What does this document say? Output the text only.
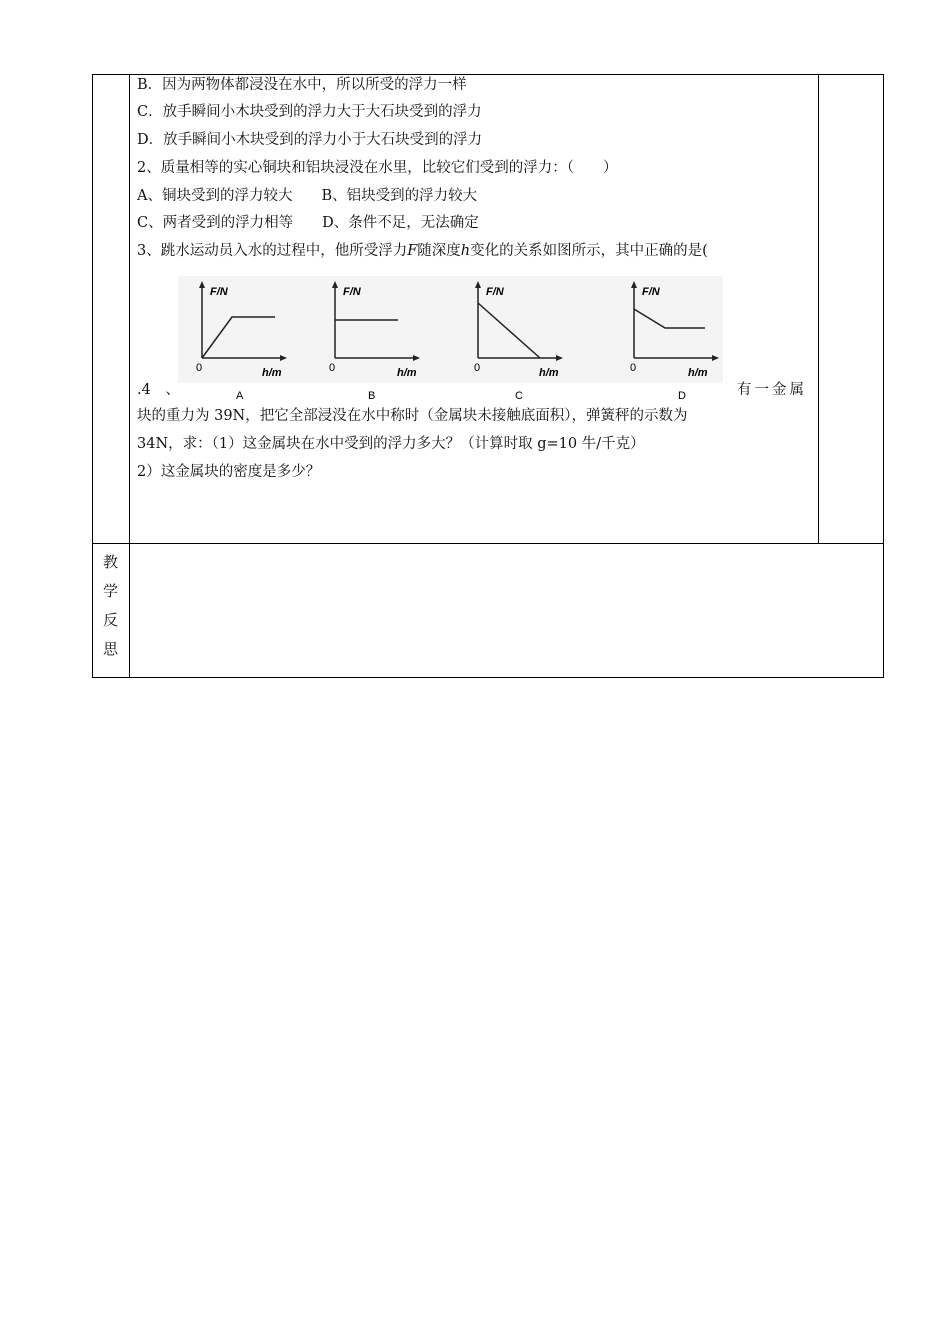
B．因为两物体都浸没在水中，所以所受的浮力一样
C．放手瞬间小木块受到的浮力大于大石块受到的浮力
D．放手瞬间小木块受到的浮力小于大石块受到的浮力
2、质量相等的实心铜块和铝块浸没在水里，比较它们受到的浮力：（　　）
A、铜块受到的浮力较大　　B、铝块受到的浮力较大
C、两者受到的浮力相等　　D、条件不足，无法确定
3、跳水运动员入水的过程中，他所受浮力F随深度h变化的关系如图所示，其中正确的是(
F/N
0	h/m
A
F/N
0	h/m
B
F/N
0	h/m
C
F/N
0	h/m
D
.4　、	有一金属
块的重力为 39N，把它全部浸没在水中称时（金属块未接触底面积），弹簧秤的示数为
34N，求：（1）这金属块在水中受到的浮力多大？（计算时取 g=10 牛/千克）
2）这金属块的密度是多少？
教
学
反
思
